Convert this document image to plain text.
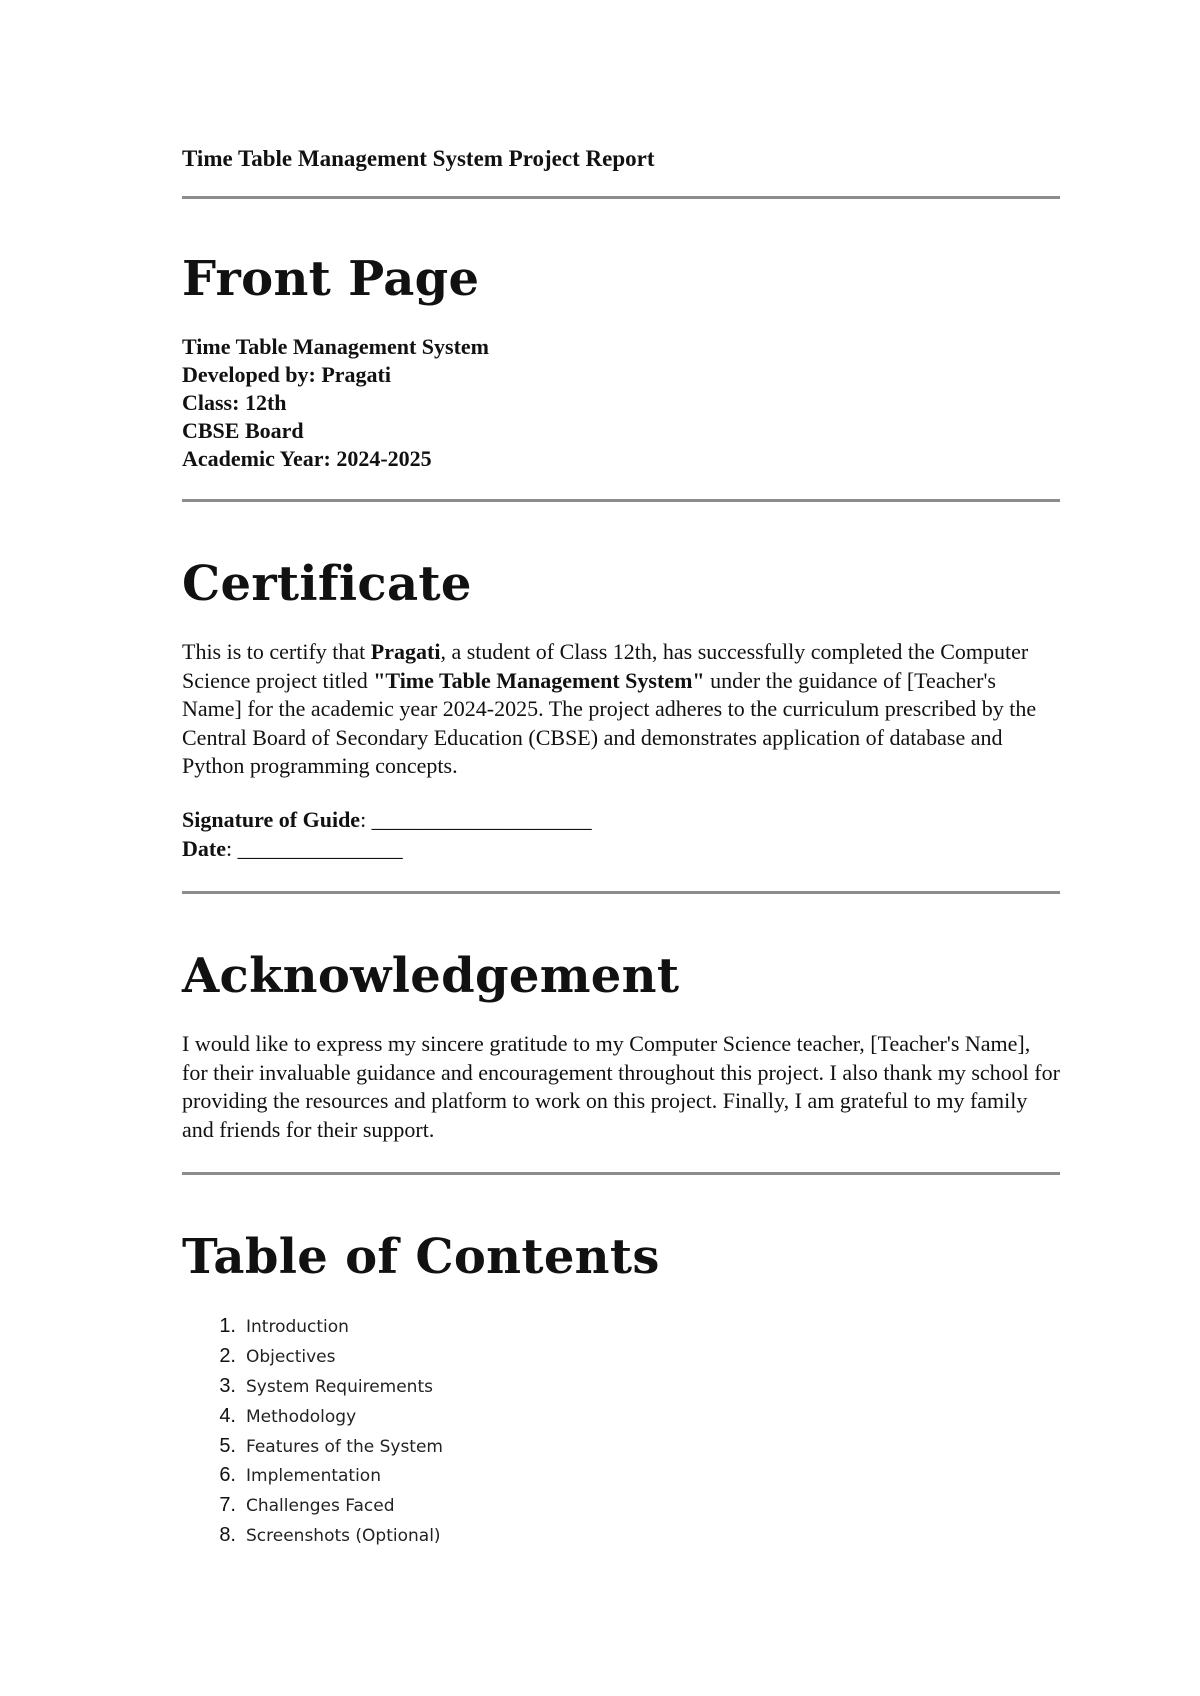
Time Table Management System Project Report
Front Page
Time Table Management System
Developed by: Pragati
Class: 12th
CBSE Board
Academic Year: 2024-2025
Certificate

This is to certify that Pragati, a student of Class 12th, has successfully completed the Computer Science project titled "Time Table Management System" under the guidance of [Teacher's Name] for the academic year 2024-2025. The project adheres to the curriculum prescribed by the Central Board of Secondary Education (CBSE) and demonstrates application of database and Python programming concepts.

Signature of Guide: ____________________
Date: _______________
Acknowledgement

I would like to express my sincere gratitude to my Computer Science teacher, [Teacher's Name], for their invaluable guidance and encouragement throughout this project. I also thank my school for providing the resources and platform to work on this project. Finally, I am grateful to my family and friends for their support.

Table of Contents
1. Introduction
2. Objectives
3. System Requirements
4. Methodology
5. Features of the System
6. Implementation
7. Challenges Faced
8. Screenshots (Optional)
